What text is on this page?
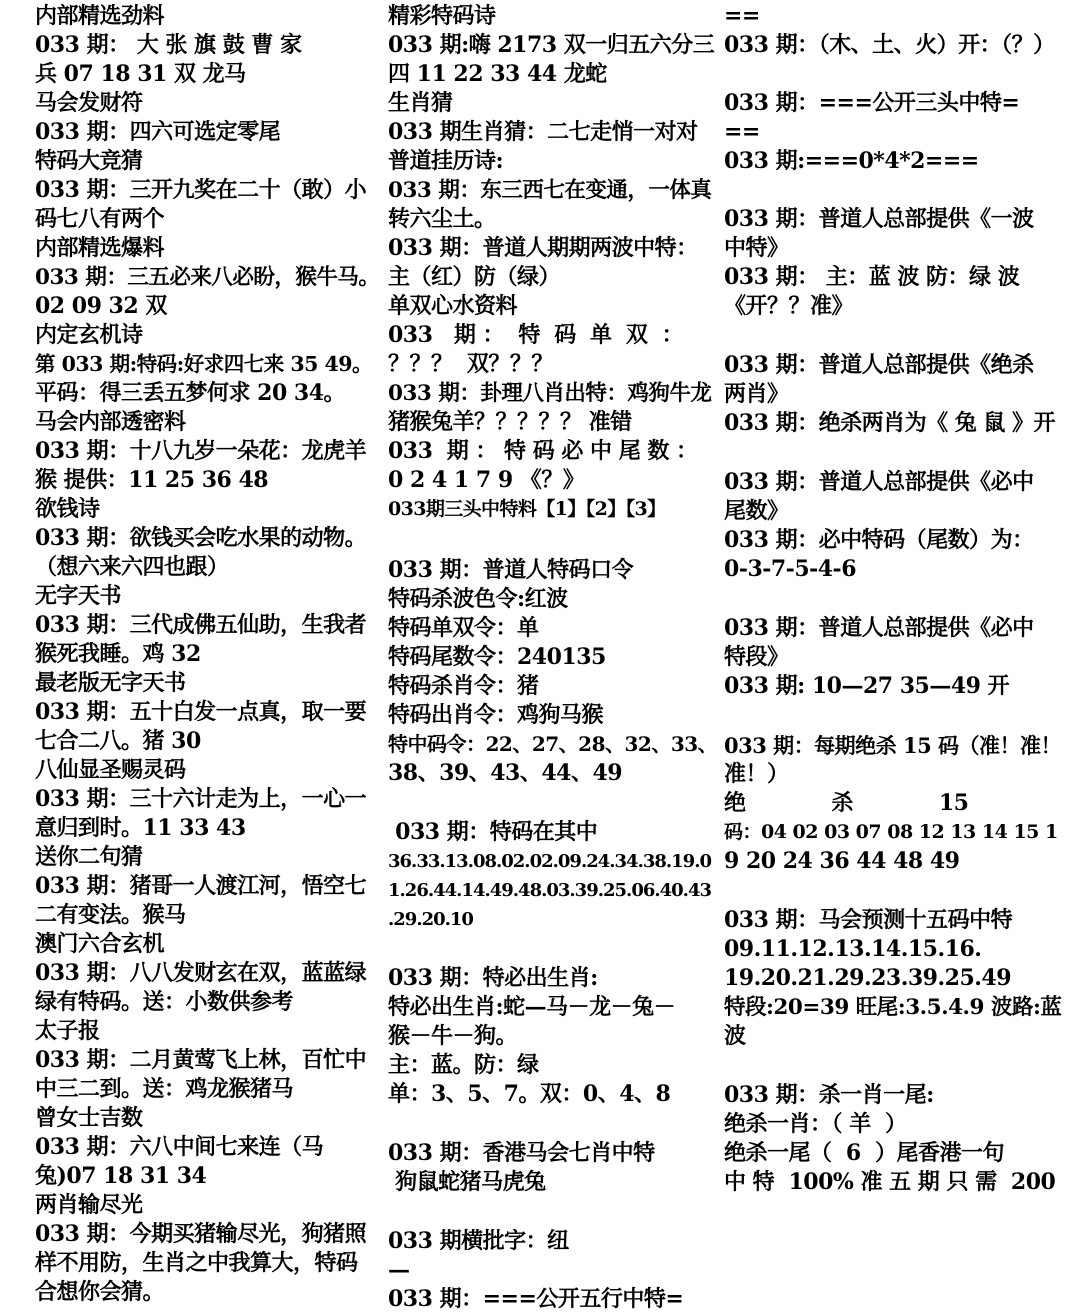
内部精选劲料
033 期： 大 张 旗 鼓 曹 家
兵 07 18 31 双 龙马
马会发财符
033 期：四六可选定零尾
特码大竞猜
033 期：三开九奖在二十（敢）小
码七八有两个
内部精选爆料
033 期：三五必来八必盼，猴牛马。
02 09 32 双
内定玄机诗
第 033 期:特码:好求四七来 35 49。
平码：得三丢五梦何求 20 34。
马会内部透密料
033 期：十八九岁一朵花：龙虎羊
猴 提供：11 25 36 48
欲钱诗
033 期：欲钱买会吃水果的动物。
（想六来六四也跟）
无字天书
033 期：三代成佛五仙助，生我者
猴死我睡。鸡 32
最老版无字天书
033 期：五十白发一点真，取一要
七合二八。猪 30
八仙显圣赐灵码
033 期：三十六计走为上，一心一
意归到时。11 33 43
送你二句猜
033 期：猪哥一人渡江河，悟空七
二有变法。猴马
澳门六合玄机
033 期：八八发财玄在双，蓝蓝绿
绿有特码。送：小数供参考
太子报
033 期：二月黄莺飞上林，百忙中
中三二到。送：鸡龙猴猪马
曾女士吉数
033 期：六八中间七来连（马
兔)07 18 31 34
两肖输尽光
033 期：今期买猪输尽光，狗猪照
样不用防，生肖之中我算大，特码
合想你会猜。
精彩特码诗
033 期:嗨 2173 双一归五六分三
四 11 22 33 44 龙蛇
生肖猜
033 期生肖猜：二七走悄一对对
普道挂历诗:
033 期：东三西七在变通，一体真
转六尘土。
033 期：普道人期期两波中特：
主（红）防（绿）
单双心水资料
033   期 ：  特  码  单  双  ：
？？？  双？？？
033 期：卦理八肖出特：鸡狗牛龙
猪猴兔羊？？？？？ 准错
033  期 ： 特 码 必 中 尾 数 ：
0 2 4 1 7 9 《？》
033期三头中特料【1】【2】【3】
033 期：普道人特码口令
特码杀波色令:红波
特码单双令：单
特码尾数令：240135
特码杀肖令：猪
特码出肖令：鸡狗马猴
特中码令：22、27、28、32、33、
38、39、43、44、49
033 期：特码在其中
36.33.13.08.02.02.09.24.34.38.19.0
1.26.44.14.49.48.03.39.25.06.40.43
.29.20.10
033 期：特必出生肖:
特必出生肖:蛇—马－龙－兔－
猴－牛－狗。
主：蓝。防：绿
单：3、5、7。双：0、4、8
033 期：香港马会七肖中特
狗鼠蛇猪马虎兔
033 期横批字：纽
—
033 期：===公开五行中特=
==
033 期：（木、土、火）开：（？）
033 期：===公开三头中特=
==
033 期:===0*4*2===
033 期：普道人总部提供《一波
中特》
033 期： 主：蓝 波 防：绿 波
《开？？准》
033 期：普道人总部提供《绝杀
两肖》
033 期：绝杀两肖为《 兔 鼠 》开
033 期：普道人总部提供《必中
尾数》
033 期：必中特码（尾数）为：
0-3-7-5-4-6
033 期：普道人总部提供《必中
特段》
033 期: 10—27 35—49 开
033 期：每期绝杀 15 码（准！准！
准！）
绝            杀            15
码：04 02 03 07 08 12 13 14 15 1
9 20 24 36 44 48 49
033 期：马会预测十五码中特
09.11.12.13.14.15.16.
19.20.21.29.23.39.25.49
特段:20=39 旺尾:3.5.4.9 波路:蓝
波
033 期：杀一肖一尾:
绝杀一肖：（ 羊  ）
绝杀一尾（  6  ）尾香港一句
中 特  100% 准 五 期 只 需  200
